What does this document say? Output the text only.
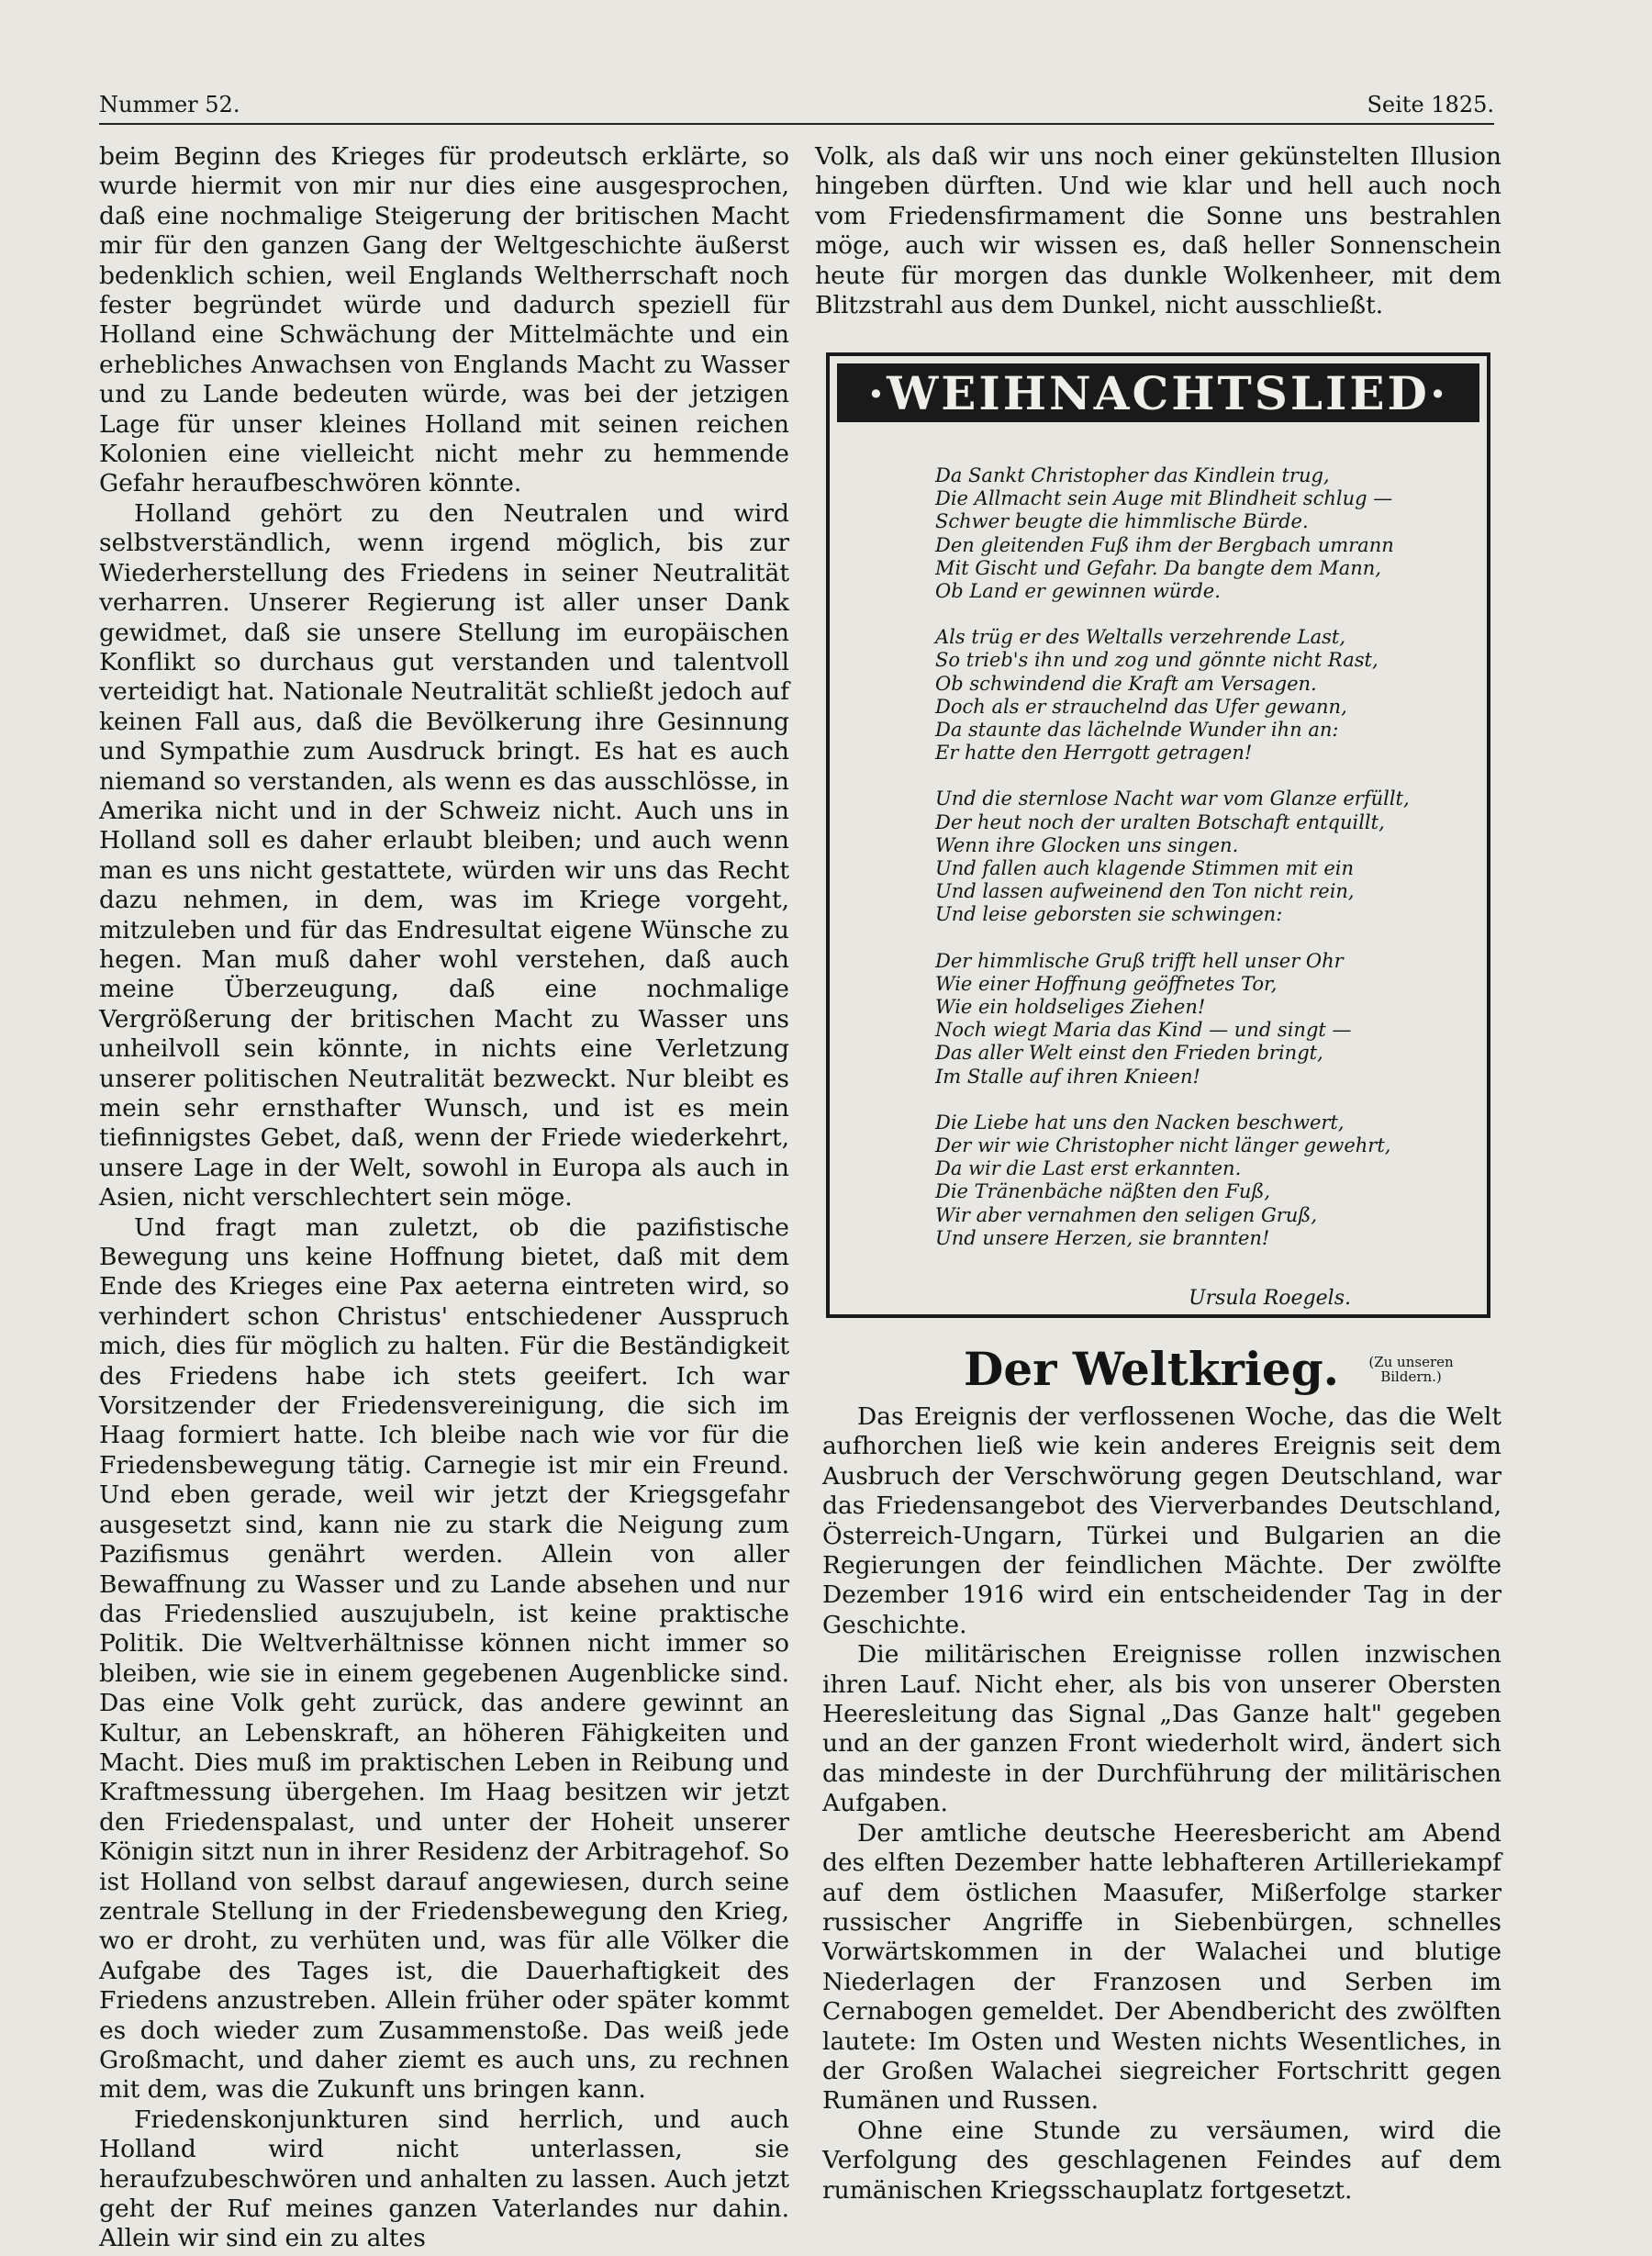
Nummer 52.	Seite 1825.

beim Beginn des Krieges für prodeutsch erklärte, so wurde hiermit von mir nur dies eine ausgesprochen, daß eine nochmalige Steigerung der britischen Macht mir für den ganzen Gang der Weltgeschichte äußerst bedenklich schien, weil Englands Weltherrschaft noch fester begründet würde und dadurch speziell für Holland eine Schwächung der Mittelmächte und ein erhebliches Anwachsen von Englands Macht zu Wasser und zu Lande bedeuten würde, was bei der jetzigen Lage für unser kleines Holland mit seinen reichen Kolonien eine vielleicht nicht mehr zu hemmende Gefahr heraufbeschwören könnte.

Holland gehört zu den Neutralen und wird selbstverständlich, wenn irgend möglich, bis zur Wiederherstellung des Friedens in seiner Neutralität verharren. Unserer Regierung ist aller unser Dank gewidmet, daß sie unsere Stellung im europäischen Konflikt so durchaus gut verstanden und talentvoll verteidigt hat. Nationale Neutralität schließt jedoch auf keinen Fall aus, daß die Bevölkerung ihre Gesinnung und Sympathie zum Ausdruck bringt. Es hat es auch niemand so verstanden, als wenn es das ausschlösse, in Amerika nicht und in der Schweiz nicht. Auch uns in Holland soll es daher erlaubt bleiben; und auch wenn man es uns nicht gestattete, würden wir uns das Recht dazu nehmen, in dem, was im Kriege vorgeht, mitzuleben und für das Endresultat eigene Wünsche zu hegen. Man muß daher wohl verstehen, daß auch meine Überzeugung, daß eine nochmalige Vergrößerung der britischen Macht zu Wasser uns unheilvoll sein könnte, in nichts eine Verletzung unserer politischen Neutralität bezweckt. Nur bleibt es mein sehr ernsthafter Wunsch, und ist es mein tiefinnigstes Gebet, daß, wenn der Friede wiederkehrt, unsere Lage in der Welt, sowohl in Europa als auch in Asien, nicht verschlechtert sein möge.

Und fragt man zuletzt, ob die pazifistische Bewegung uns keine Hoffnung bietet, daß mit dem Ende des Krieges eine Pax aeterna eintreten wird, so verhindert schon Christus' entschiedener Ausspruch mich, dies für möglich zu halten. Für die Beständigkeit des Friedens habe ich stets geeifert. Ich war Vorsitzender der Friedensvereinigung, die sich im Haag formiert hatte. Ich bleibe nach wie vor für die Friedensbewegung tätig. Carnegie ist mir ein Freund. Und eben gerade, weil wir jetzt der Kriegsgefahr ausgesetzt sind, kann nie zu stark die Neigung zum Pazifismus genährt werden. Allein von aller Bewaffnung zu Wasser und zu Lande absehen und nur das Friedenslied auszujubeln, ist keine praktische Politik. Die Weltverhältnisse können nicht immer so bleiben, wie sie in einem gegebenen Augenblicke sind. Das eine Volk geht zurück, das andere gewinnt an Kultur, an Lebenskraft, an höheren Fähigkeiten und Macht. Dies muß im praktischen Leben in Reibung und Kraftmessung übergehen. Im Haag besitzen wir jetzt den Friedenspalast, und unter der Hoheit unserer Königin sitzt nun in ihrer Residenz der Arbitragehof. So ist Holland von selbst darauf angewiesen, durch seine zentrale Stellung in der Friedensbewegung den Krieg, wo er droht, zu verhüten und, was für alle Völker die Aufgabe des Tages ist, die Dauerhaftigkeit des Friedens anzustreben. Allein früher oder später kommt es doch wieder zum Zusammenstoße. Das weiß jede Großmacht, und daher ziemt es auch uns, zu rechnen mit dem, was die Zukunft uns bringen kann.

Friedenskonjunkturen sind herrlich, und auch Holland wird nicht unterlassen, sie heraufzubeschwören und anhalten zu lassen. Auch jetzt geht der Ruf meines ganzen Vaterlandes nur dahin. Allein wir sind ein zu altes

Volk, als daß wir uns noch einer gekünstelten Illusion hingeben dürften. Und wie klar und hell auch noch vom Friedensfirmament die Sonne uns bestrahlen möge, auch wir wissen es, daß heller Sonnenschein heute für morgen das dunkle Wolkenheer, mit dem Blitzstrahl aus dem Dunkel, nicht ausschließt.

·WEIHNACHTSLIED·
Da Sankt Christopher das Kindlein trug,
Die Allmacht sein Auge mit Blindheit schlug —
Schwer beugte die himmlische Bürde.
Den gleitenden Fuß ihm der Bergbach umrann
Mit Gischt und Gefahr. Da bangte dem Mann,
Ob Land er gewinnen würde.
Als trüg er des Weltalls verzehrende Last,
So trieb's ihn und zog und gönnte nicht Rast,
Ob schwindend die Kraft am Versagen.
Doch als er strauchelnd das Ufer gewann,
Da staunte das lächelnde Wunder ihn an:
Er hatte den Herrgott getragen!
Und die sternlose Nacht war vom Glanze erfüllt,
Der heut noch der uralten Botschaft entquillt,
Wenn ihre Glocken uns singen.
Und fallen auch klagende Stimmen mit ein
Und lassen aufweinend den Ton nicht rein,
Und leise geborsten sie schwingen:
Der himmlische Gruß trifft hell unser Ohr
Wie einer Hoffnung geöffnetes Tor,
Wie ein holdseliges Ziehen!
Noch wiegt Maria das Kind — und singt —
Das aller Welt einst den Frieden bringt,
Im Stalle auf ihren Knieen!
Die Liebe hat uns den Nacken beschwert,
Der wir wie Christopher nicht länger gewehrt,
Da wir die Last erst erkannten.
Die Tränenbäche näßten den Fuß,
Wir aber vernahmen den seligen Gruß,
Und unsere Herzen, sie brannten!
Ursula Roegels.
Der Weltkrieg.	(Zu unseren Bildern.)

Das Ereignis der verflossenen Woche, das die Welt aufhorchen ließ wie kein anderes Ereignis seit dem Ausbruch der Verschwörung gegen Deutschland, war das Friedensangebot des Vierverbandes Deutschland, Österreich-Ungarn, Türkei und Bulgarien an die Regierungen der feindlichen Mächte. Der zwölfte Dezember 1916 wird ein entscheidender Tag in der Geschichte.

Die militärischen Ereignisse rollen inzwischen ihren Lauf. Nicht eher, als bis von unserer Obersten Heeresleitung das Signal „Das Ganze halt" gegeben und an der ganzen Front wiederholt wird, ändert sich das mindeste in der Durchführung der militärischen Aufgaben.

Der amtliche deutsche Heeresbericht am Abend des elften Dezember hatte lebhafteren Artilleriekampf auf dem östlichen Maasufer, Mißerfolge starker russischer Angriffe in Siebenbürgen, schnelles Vorwärtskommen in der Walachei und blutige Niederlagen der Franzosen und Serben im Cernabogen gemeldet. Der Abendbericht des zwölften lautete: Im Osten und Westen nichts Wesentliches, in der Großen Walachei siegreicher Fortschritt gegen Rumänen und Russen.

Ohne eine Stunde zu versäumen, wird die Verfolgung des geschlagenen Feindes auf dem rumänischen Kriegsschauplatz fortgesetzt.
